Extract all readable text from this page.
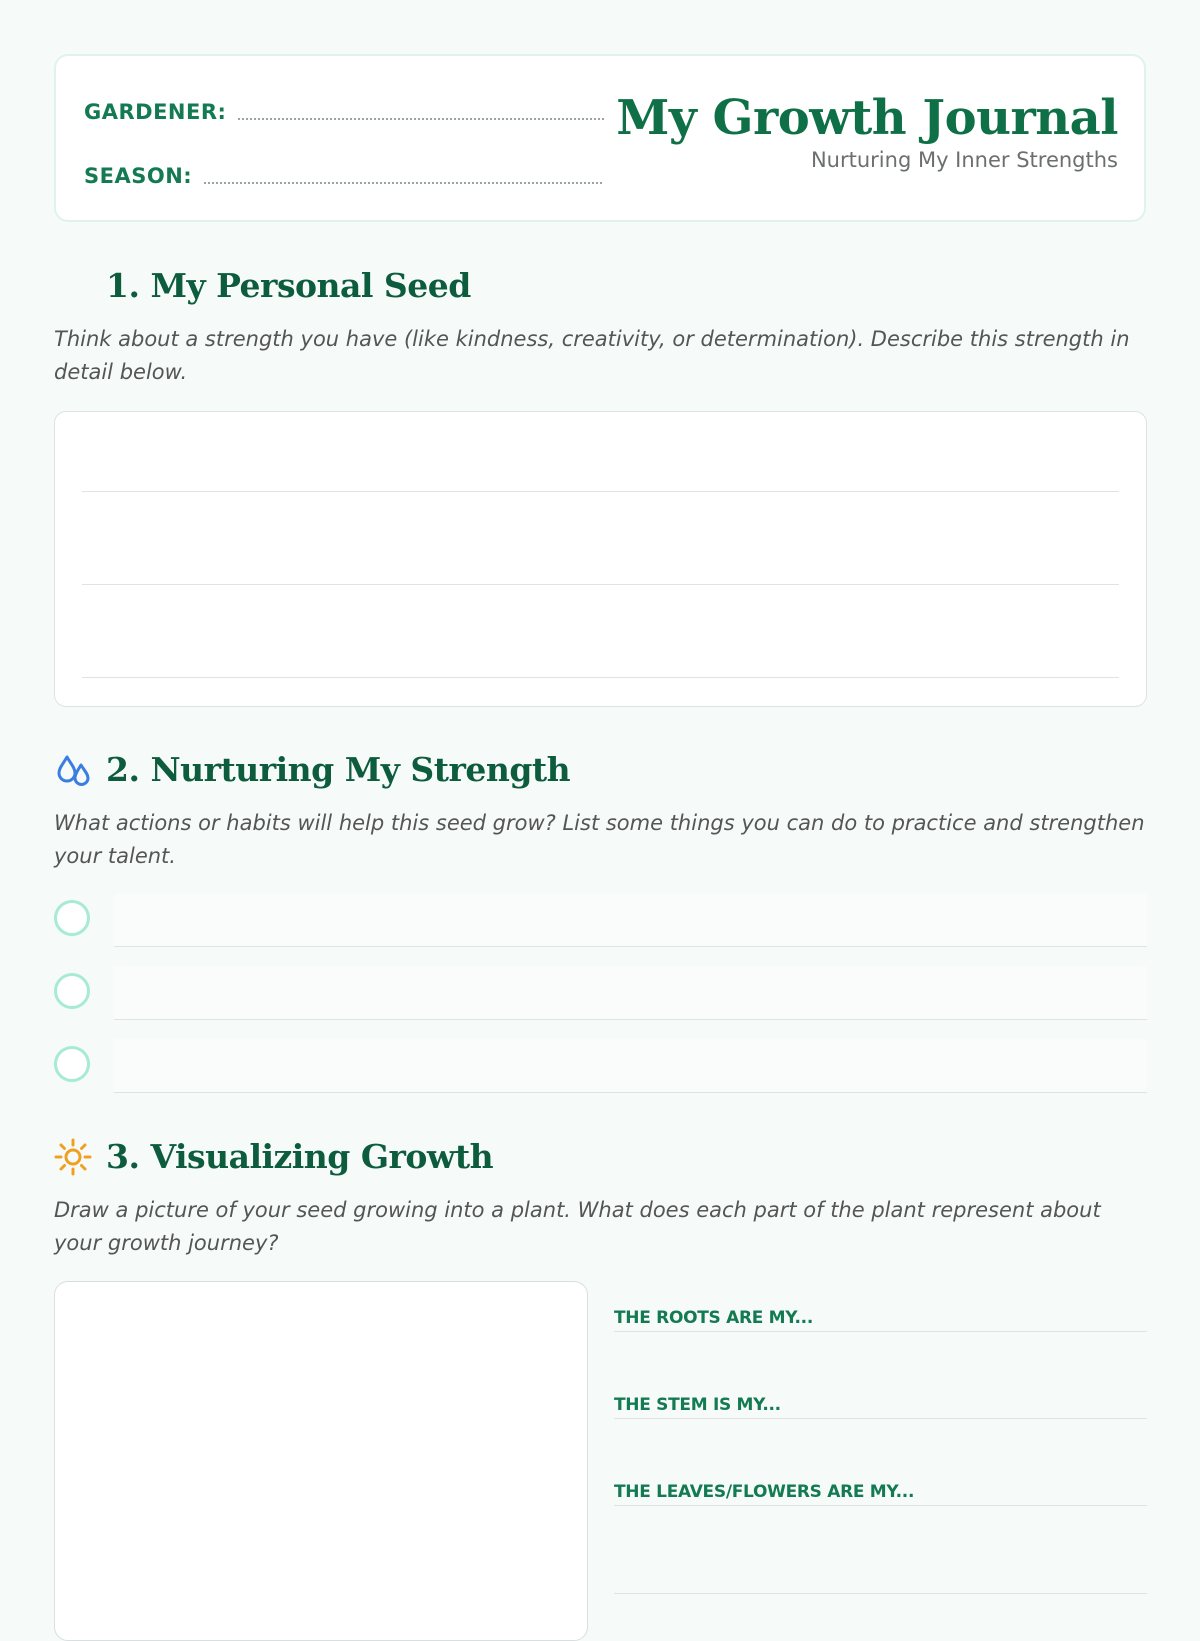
GARDENER:
SEASON:
My Growth Journal
Nurturing My Inner Strengths
1. My Personal Seed
Think about a strength you have (like kindness, creativity, or determination). Describe this strength in detail below.
2. Nurturing My Strength
What actions or habits will help this seed grow? List some things you can do to practice and strengthen your talent.
3. Visualizing Growth
Draw a picture of your seed growing into a plant. What does each part of the plant represent about your growth journey?
THE ROOTS ARE MY...
THE STEM IS MY...
THE LEAVES/FLOWERS ARE MY...
